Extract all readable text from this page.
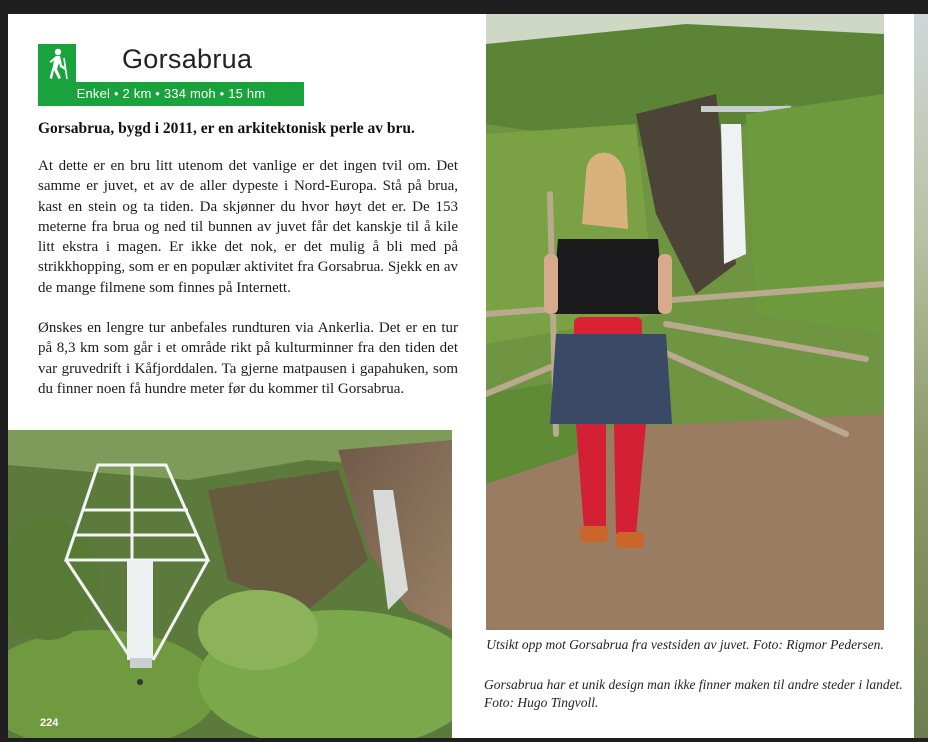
Gorsabrua
Enkel • 2 km • 334 moh • 15 hm
Gorsabrua, bygd i 2011, er en arkitektonisk perle av bru.

At dette er en bru litt utenom det vanlige er det ingen tvil om. Det samme er juvet, et av de aller dypeste i Nord-Europa. Stå på brua, kast en stein og ta tiden. Da skjønner du hvor høyt det er. De 153 meterne fra brua og ned til bunnen av juvet får det kanskje til å kile litt ekstra i magen. Er ikke det nok, er det mulig å bli med på strikkhopping, som er en populær aktivitet fra Gorsabrua. Sjekk en av de mange filmene som finnes på Internett.

Ønskes en lengre tur anbefales rundturen via Ankerlia. Det er en tur på 8,3 km som går i et område rikt på kulturminner fra den tiden det var gruvedrift i Kåfjorddalen. Ta gjerne matpausen i gapahuken, som du finner noen få hundre meter før du kommer til Gorsabrua.

224
Utsikt opp mot Gorsabrua fra vestsiden av juvet. Foto: Rigmor Pedersen.
Gorsabrua har et unik design man ikke finner maken til andre steder i landet. Foto: Hugo Tingvoll.
